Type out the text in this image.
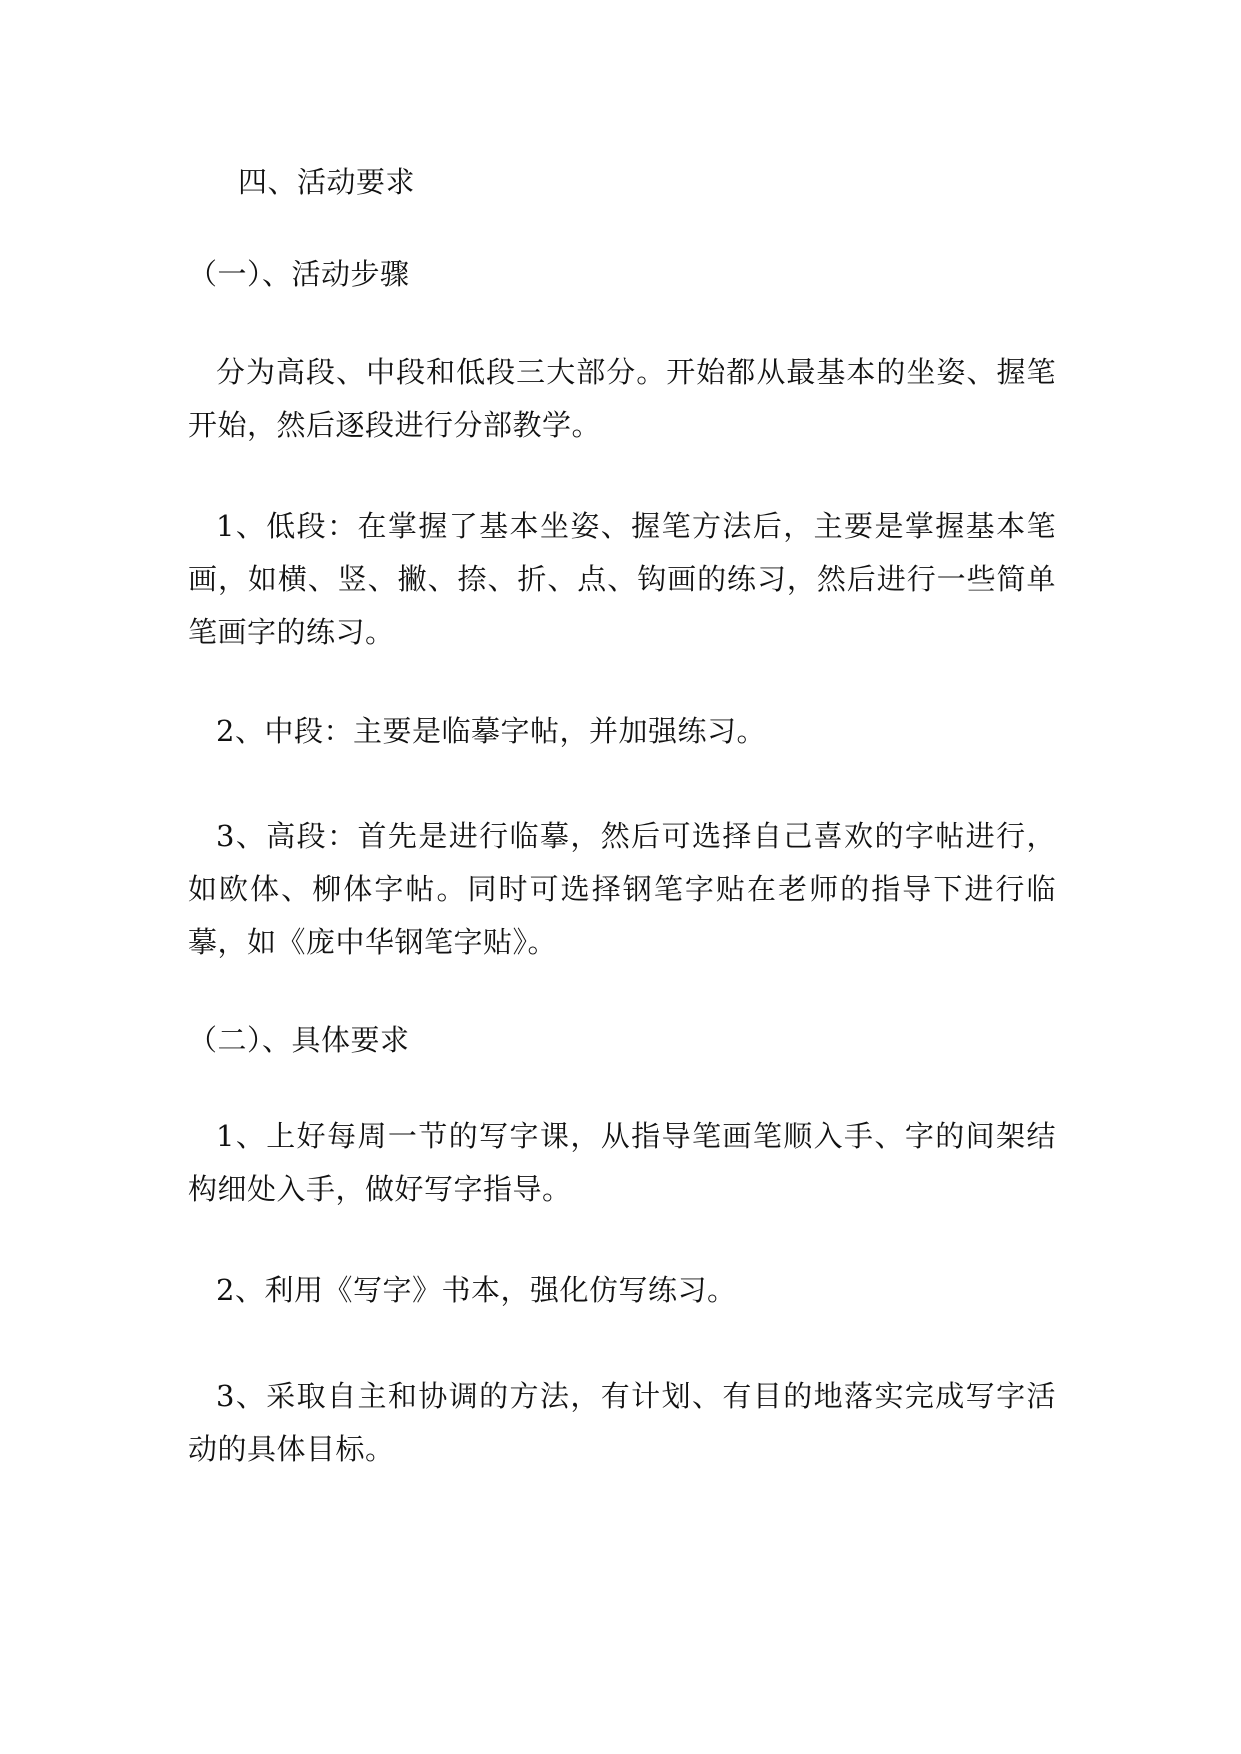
四、活动要求
（一）、活动步骤
分为高段、中段和低段三大部分。开始都从最基本的坐姿、握笔开始，然后逐段进行分部教学。
1、低段：在掌握了基本坐姿、握笔方法后，主要是掌握基本笔画，如横、竖、撇、捺、折、点、钩画的练习，然后进行一些简单笔画字的练习。
2、中段：主要是临摹字帖，并加强练习。
3、高段：首先是进行临摹，然后可选择自己喜欢的字帖进行，如欧体、柳体字帖。同时可选择钢笔字贴在老师的指导下进行临摹，如《庞中华钢笔字贴》。
（二）、具体要求
1、上好每周一节的写字课，从指导笔画笔顺入手、字的间架结构细处入手，做好写字指导。
2、利用《写字》书本，强化仿写练习。
3、采取自主和协调的方法，有计划、有目的地落实完成写字活动的具体目标。
